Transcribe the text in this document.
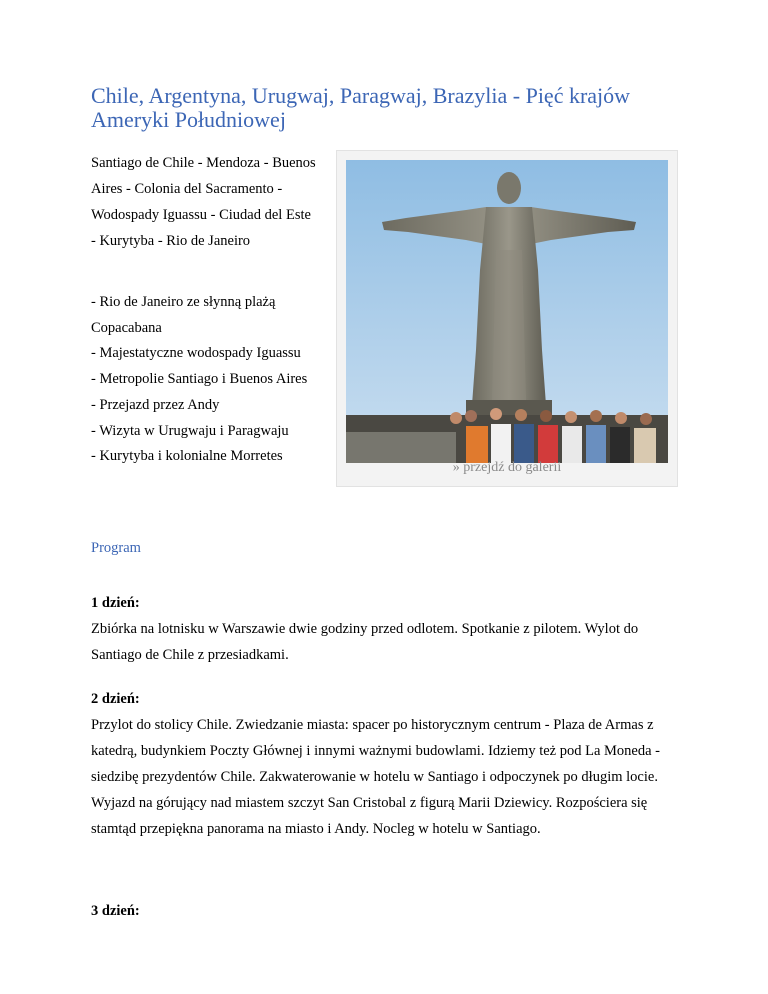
Chile, Argentyna, Urugwaj, Paragwaj, Brazylia - Pięć krajów Ameryki Południowej
Santiago de Chile - Mendoza - Buenos Aires - Colonia del Sacramento - Wodospady Iguassu - Ciudad del Este - Kurytyba - Rio de Janeiro
- Rio de Janeiro ze słynną plażą Copacabana
- Majestatyczne wodospady Iguassu
- Metropolie Santiago i Buenos Aires
- Przejazd przez Andy
- Wizyta w Urugwaju i Paragwaju
- Kurytyba i kolonialne Morretes
» przejdź do galerii
Program
1 dzień:
Zbiórka na lotnisku w Warszawie dwie godziny przed odlotem. Spotkanie z pilotem. Wylot do Santiago de Chile z przesiadkami.
2 dzień:
Przylot do stolicy Chile. Zwiedzanie miasta: spacer po historycznym centrum - Plaza de Armas z katedrą, budynkiem Poczty Głównej i innymi ważnymi budowlami. Idziemy też pod La Moneda - siedzibę prezydentów Chile. Zakwaterowanie w hotelu w Santiago i odpoczynek po długim locie. Wyjazd na górujący nad miastem szczyt San Cristobal z figurą Marii Dziewicy. Rozpościera się stamtąd przepiękna panorama na miasto i Andy. Nocleg w hotelu w Santiago.
3 dzień:
